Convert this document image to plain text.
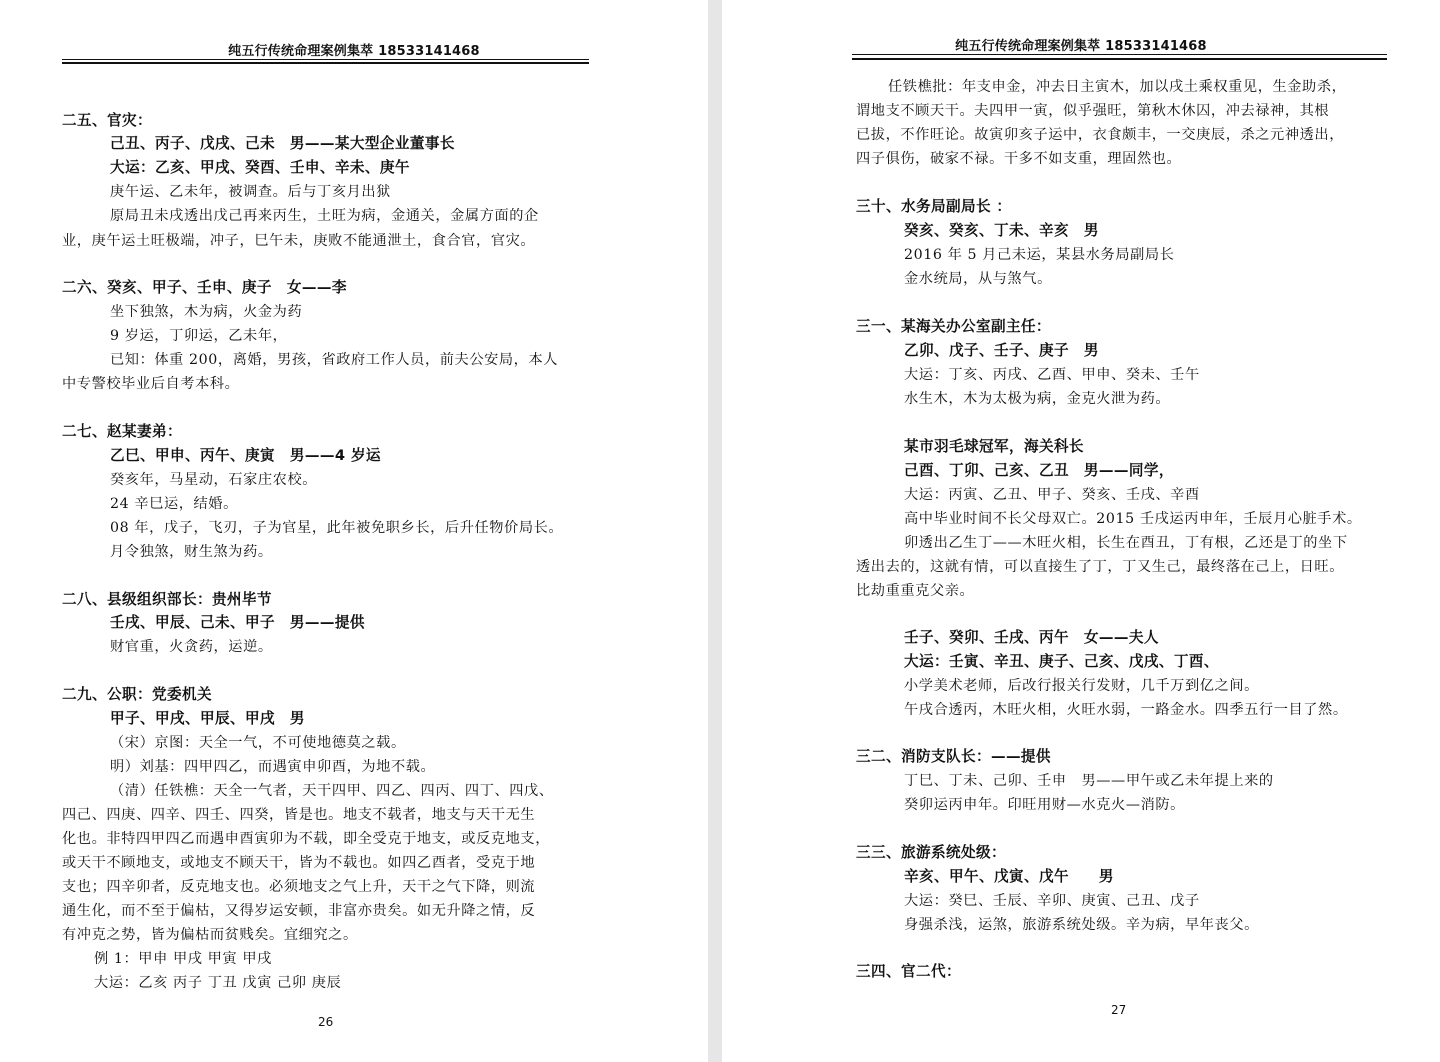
纯五行传统命理案例集萃 18533141468
二五、官灾：
己丑、丙子、戊戌、己未　男——某大型企业董事长
大运：乙亥、甲戌、癸酉、壬申、辛未、庚午
庚午运、乙未年，被调查。后与丁亥月出狱
原局丑未戌透出戊己再来丙生，土旺为病，金通关，金属方面的企
业，庚午运土旺极端，冲子，巳午未，庚败不能通泄土，食合官，官灾。
二六、癸亥、甲子、壬申、庚子　女——李
坐下独煞，木为病，火金为药
9 岁运，丁卯运，乙未年，
已知：体重 200，离婚，男孩，省政府工作人员，前夫公安局，本人
中专警校毕业后自考本科。
二七、赵某妻弟：
乙巳、甲申、丙午、庚寅　男——4 岁运
癸亥年，马星动，石家庄农校。
24 辛巳运，结婚。
08 年，戊子，飞刃，子为官星，此年被免职乡长，后升任物价局长。
月令独煞，财生煞为药。
二八、县级组织部长：贵州毕节
壬戌、甲辰、己未、甲子　男——提供
财官重，火贪药，运逆。
二九、公职：党委机关
甲子、甲戌、甲辰、甲戌　男
（宋）京图：天全一气，不可使地德莫之载。
明）刘基：四甲四乙，而遇寅申卯酉，为地不载。
（清）任铁樵：天全一气者，天干四甲、四乙、四丙、四丁、四戊、
四己、四庚、四辛、四壬、四癸，皆是也。地支不载者，地支与天干无生
化也。非特四甲四乙而遇申酉寅卯为不载，即全受克于地支，或反克地支，
或天干不顾地支，或地支不顾天干，皆为不载也。如四乙酉者，受克于地
支也；四辛卯者，反克地支也。必须地支之气上升，天干之气下降，则流
通生化，而不至于偏枯，又得岁运安顿，非富亦贵矣。如无升降之情，反
有冲克之势，皆为偏枯而贫贱矣。宜细究之。
例 1：甲申 甲戌 甲寅 甲戌
大运：乙亥 丙子 丁丑 戊寅 己卯 庚辰
26
纯五行传统命理案例集萃 18533141468
任铁樵批：年支申金，冲去日主寅木，加以戌土乘权重见，生金助杀，
谓地支不顾天干。夫四甲一寅，似乎强旺，第秋木休囚，冲去禄神，其根
已拔，不作旺论。故寅卯亥子运中，衣食颇丰，一交庚辰，杀之元神透出，
四子俱伤，破家不禄。干多不如支重，理固然也。
三十、水务局副局长 ：
癸亥、癸亥、丁未、辛亥　男
2016 年 5 月己未运，某县水务局副局长
金水统局，从与煞气。
三一、某海关办公室副主任：
乙卯、戊子、壬子、庚子　男
大运：丁亥、丙戌、乙酉、甲申、癸未、壬午
水生木，木为太极为病，金克火泄为药。
某市羽毛球冠军，海关科长
己酉、丁卯、己亥、乙丑　男——同学，
大运：丙寅、乙丑、甲子、癸亥、壬戌、辛酉
高中毕业时间不长父母双亡。2015 壬戌运丙申年，壬辰月心脏手术。
卯透出乙生丁——木旺火相，长生在酉丑，丁有根，乙还是丁的坐下
透出去的，这就有情，可以直接生了丁，丁又生己，最终落在己上，日旺。
比劫重重克父亲。
壬子、癸卯、壬戌、丙午　女——夫人
大运：壬寅、辛丑、庚子、己亥、戊戌、丁酉、
小学美术老师，后改行报关行发财，几千万到亿之间。
午戌合透丙，木旺火相，火旺水弱，一路金水。四季五行一目了然。
三二、消防支队长：——提供
丁巳、丁未、己卯、壬申　男——甲午或乙未年提上来的
癸卯运丙申年。印旺用财—水克火—消防。
三三、旅游系统处级：
辛亥、甲午、戊寅、戊午　　男
大运：癸巳、壬辰、辛卯、庚寅、己丑、戊子
身强杀浅，运煞，旅游系统处级。辛为病，早年丧父。
三四、官二代：
27
